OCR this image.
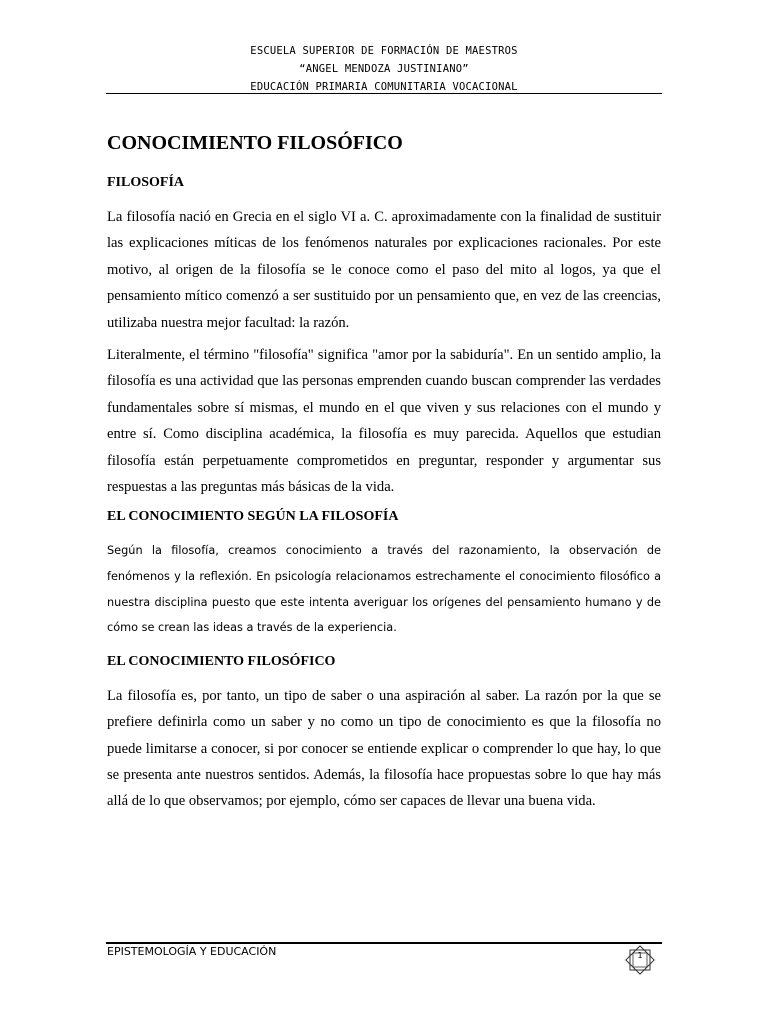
ESCUELA SUPERIOR DE FORMACIÓN DE MAESTROS
“ANGEL MENDOZA JUSTINIANO”
EDUCACIÓN PRIMARIA COMUNITARIA VOCACIONAL
CONOCIMIENTO FILOSÓFICO
FILOSOFÍA

La filosofía nació en Grecia en el siglo VI a. C. aproximadamente con la finalidad de sustituir las explicaciones míticas de los fenómenos naturales por explicaciones racionales. Por este motivo, al origen de la filosofía se le conoce como el paso del mito al logos, ya que el pensamiento mítico comenzó a ser sustituido por un pensamiento que, en vez de las creencias, utilizaba nuestra mejor facultad: la razón.

Literalmente, el término "filosofía" significa "amor por la sabiduría". En un sentido amplio, la filosofía es una actividad que las personas emprenden cuando buscan comprender las verdades fundamentales sobre sí mismas, el mundo en el que viven y sus relaciones con el mundo y entre sí. Como disciplina académica, la filosofía es muy parecida. Aquellos que estudian filosofía están perpetuamente comprometidos en preguntar, responder y argumentar sus respuestas a las preguntas más básicas de la vida.

EL CONOCIMIENTO SEGÚN LA FILOSOFÍA

Según la filosofía, creamos conocimiento a través del razonamiento, la observación de fenómenos y la reflexión. En psicología relacionamos estrechamente el conocimiento filosófico a nuestra disciplina puesto que este intenta averiguar los orígenes del pensamiento humano y de cómo se crean las ideas a través de la experiencia.

EL CONOCIMIENTO FILOSÓFICO

La filosofía es, por tanto, un tipo de saber o una aspiración al saber. La razón por la que se prefiere definirla como un saber y no como un tipo de conocimiento es que la filosofía no puede limitarse a conocer, si por conocer se entiende explicar o comprender lo que hay, lo que se presenta ante nuestros sentidos. Además, la filosofía hace propuestas sobre lo que hay más allá de lo que observamos; por ejemplo, cómo ser capaces de llevar una buena vida.

EPISTEMOLOGÍA Y EDUCACIÓN	1
